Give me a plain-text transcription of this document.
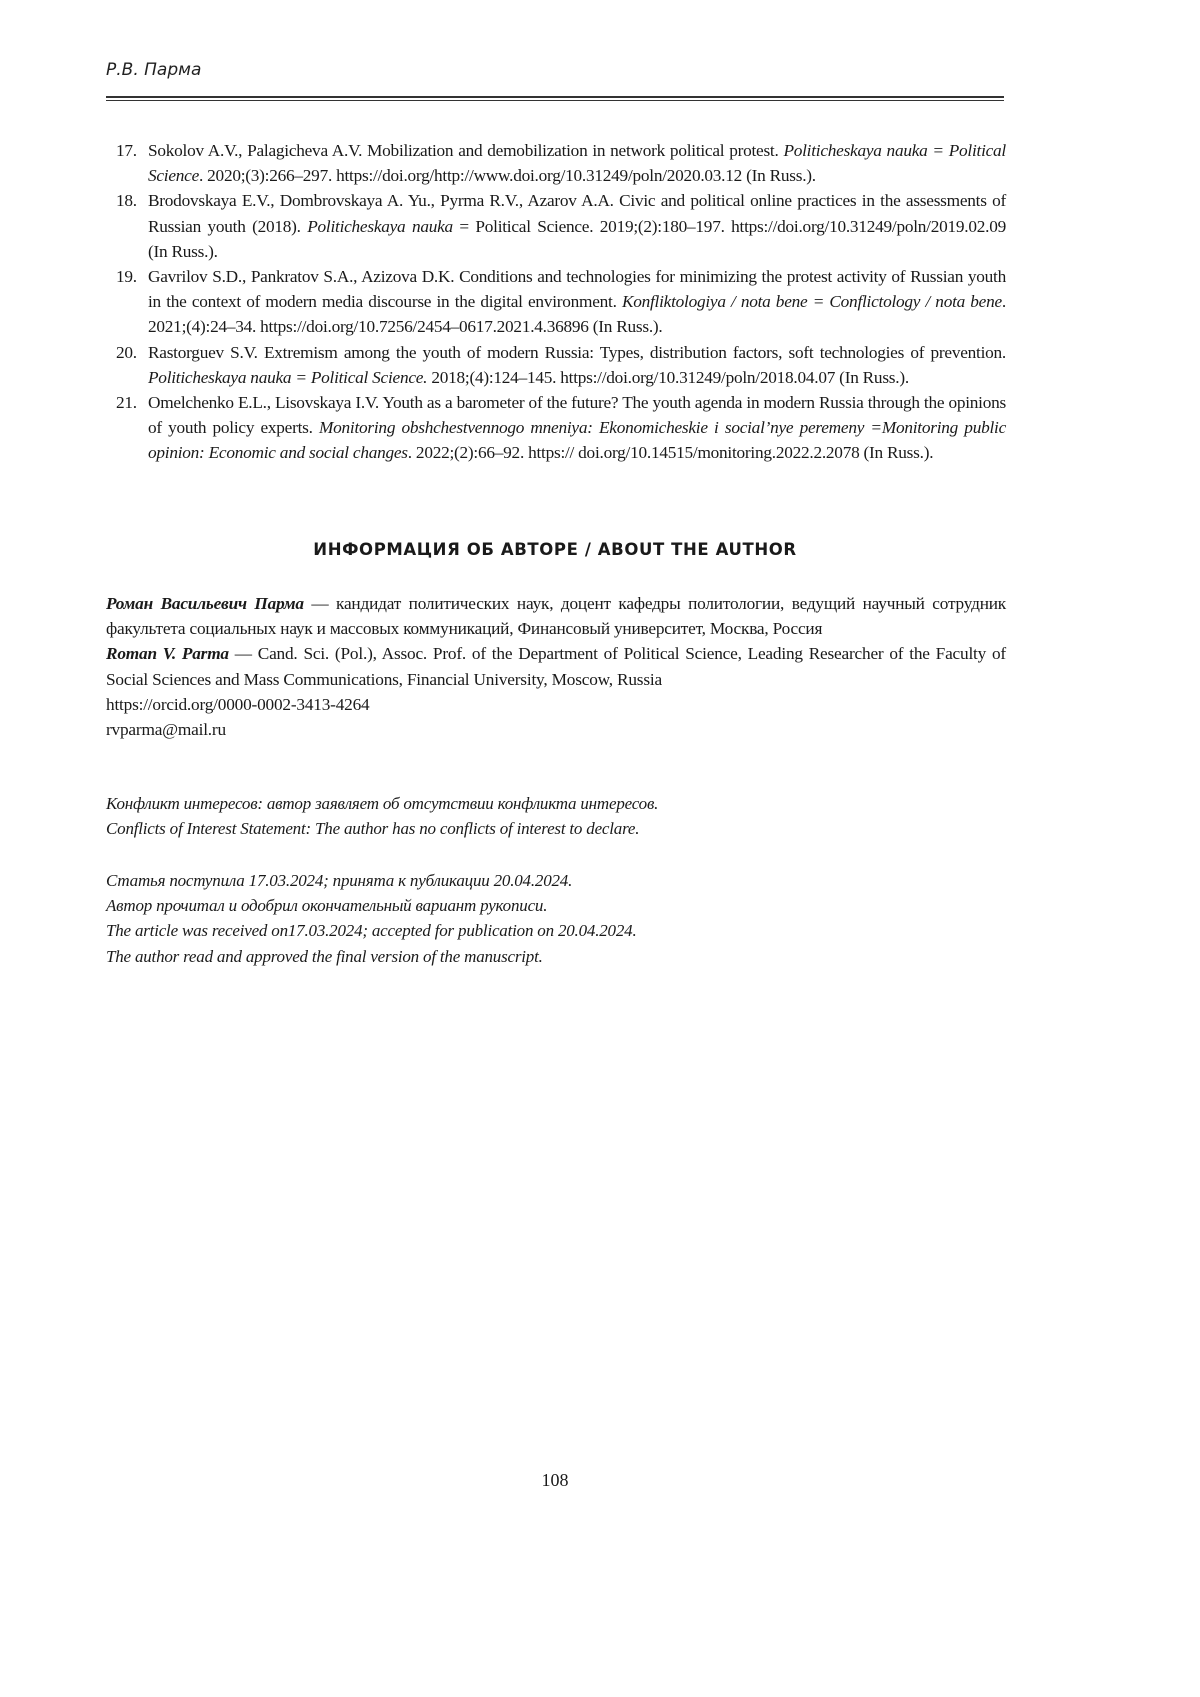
Р.В. Парма
17. Sokolov A.V., Palagicheva A.V. Mobilization and demobilization in network political protest. Politicheskaya nauka = Political Science. 2020;(3):266–297. https://doi.org/http://www.doi.org/10.31249/poln/2020.03.12 (In Russ.).
18. Brodovskaya E.V., Dombrovskaya A. Yu., Pyrma R.V., Azarov A.A. Civic and political online practices in the assessments of Russian youth (2018). Politicheskaya nauka = Political Science. 2019;(2):180–197. https://doi.org/10.31249/poln/2019.02.09 (In Russ.).
19. Gavrilov S.D., Pankratov S.A., Azizova D.K. Conditions and technologies for minimizing the protest activity of Russian youth in the context of modern media discourse in the digital environment. Konfliktologiya / nota bene = Conflictology / nota bene. 2021;(4):24–34. https://doi.org/10.7256/2454–0617.2021.4.36896 (In Russ.).
20. Rastorguev S.V. Extremism among the youth of modern Russia: Types, distribution factors, soft technologies of prevention. Politicheskaya nauka = Political Science. 2018;(4):124–145. https://doi.org/10.31249/poln/2018.04.07 (In Russ.).
21. Omelchenko E.L., Lisovskaya I.V. Youth as a barometer of the future? The youth agenda in modern Russia through the opinions of youth policy experts. Monitoring obshchestvennogo mneniya: Ekonomicheskie i social’nye peremeny =Monitoring public opinion: Economic and social changes. 2022;(2):66–92. https:// doi.org/10.14515/monitoring.2022.2.2078 (In Russ.).
ИНФОРМАЦИЯ ОБ АВТОРЕ / ABOUT THE AUTHOR

Роман Васильевич Парма — кандидат политических наук, доцент кафедры политологии, ведущий научный сотрудник факультета социальных наук и массовых коммуникаций, Финансовый университет, Москва, Россия

Roman V. Parma — Cand. Sci. (Pol.), Assoc. Prof. of the Department of Political Science, Leading Researcher of the Faculty of Social Sciences and Mass Communications, Financial University, Moscow, Russia

https://orcid.org/0000-0002-3413-4264

rvparma@mail.ru

Конфликт интересов: автор заявляет об отсутствии конфликта интересов.
Conflicts of Interest Statement: The author has no conflicts of interest to declare.
Статья поступила 17.03.2024; принята к публикации 20.04.2024.
Автор прочитал и одобрил окончательный вариант рукописи.
The article was received on17.03.2024; accepted for publication on 20.04.2024.
The author read and approved the final version of the manuscript.
108
